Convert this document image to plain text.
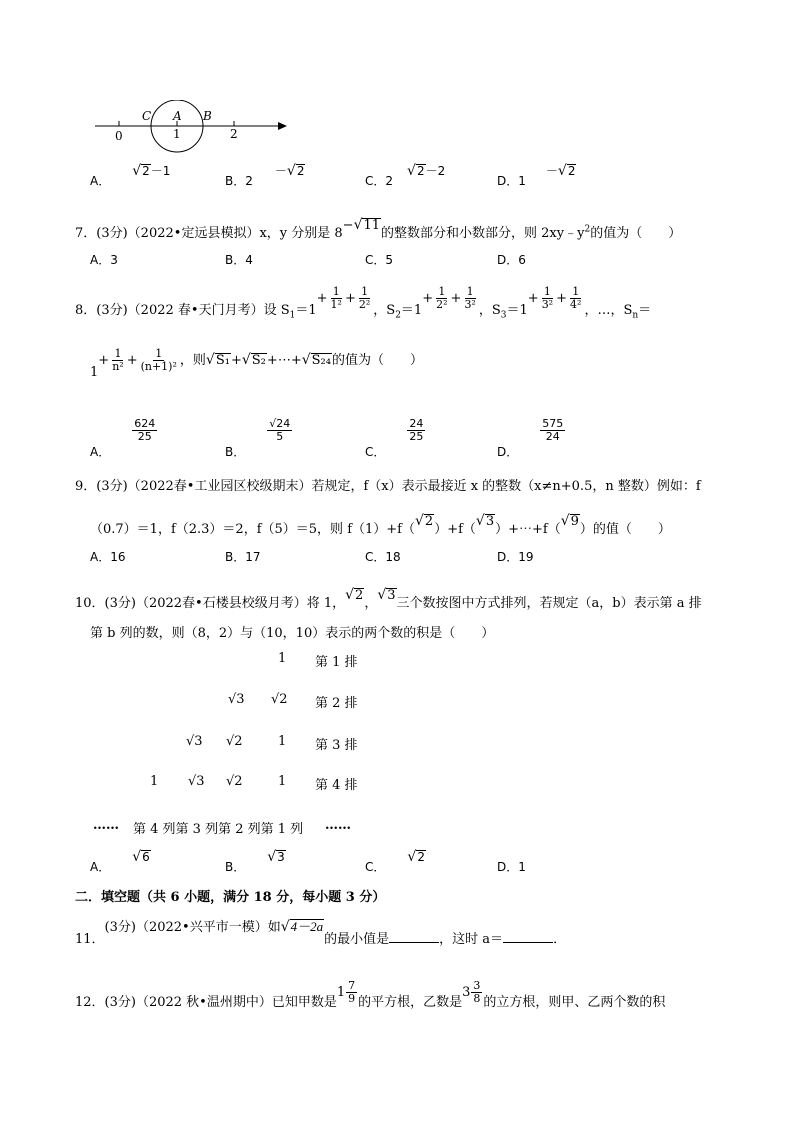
0	1	2
C A B
A．√2－1
B．2－√2
C．2√2－2
D．1－√2
7．(3分)（2022•定远县模拟）x，y 分别是 8−√11的整数部分和小数部分，则 $2xy﹣y^2$的值为（　　）
A．3	B．4	C．5	D．6
8．(3分)（2022 春•天门月考）设 $S_1=1+ \frac{1}{\text{1²}} + \frac{1}{\text{2²}}$ ，$S_2=1+ \frac{1}{\text{2²}} + \frac{1}{\text{3²}}$ ，$S_3=1+ \frac{1}{\text{3²}} + \frac{1}{\text{4²}}$ ，…，$S_n=$
$1+ \frac{1}{\text{n²}} + \frac{1}{\text{(n+1)²}}$ ，则√S₁+√S₂+⋯+√S₂₄的值为（　　）
A．
$\frac{624}{25}$
B．
$\frac{√24}{5}$
C．
$\frac{24}{25}$
D．
$\frac{575}{24}$
9．(3分)（2022春•工业园区校级期末）若规定，f（x）表示最接近 x 的整数（x≠n+0.5，n 整数）例如：f
（0.7）＝1，f（2.3）＝2，f（5）＝5，则 f（1）+f（√2）+f（√3）+⋯+f（√9）的值（　　）
A．16	B．17	C．18	D．19
10．(3分)（2022春•石楼县校级月考）将 1，√2，√3三个数按图中方式排列，若规定（a，b）表示第 a 排
第 b 列的数，则（8，2）与（10，10）表示的两个数的积是（　　）
1 第 1 排
√3 √2 第 2 排
√3 √2	1 第 3 排
1 √3 √2	1 第 4 排
…… 第 4 列第 3 列第 2 列第 1 列 ……
A．√6
B．√3
C．√2
D．1
二．填空题（共 6 小题，满分 18 分，每小题 3 分）
11．(3分)（2022•兴平市一模）如√4－2a的最小值是	，这时 a＝	．
12．(3分)（2022 秋•温州期中）已知甲数是$1 \frac{7}{9}$ 的平方根，乙数是$3 \frac{3}{8}$ 的立方根，则甲、乙两个数的积
